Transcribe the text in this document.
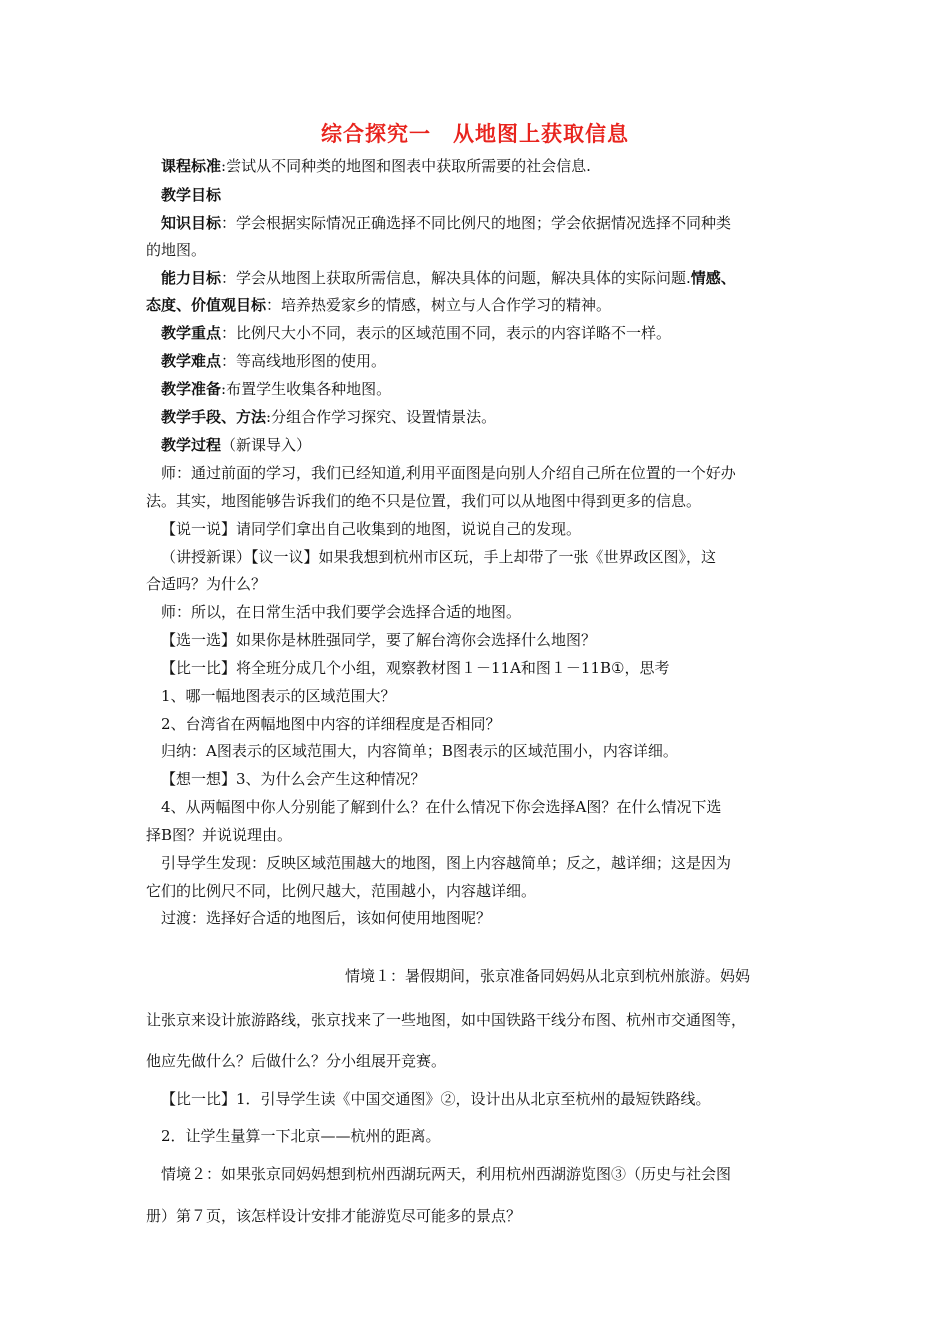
综合探究一　从地图上获取信息
课程标准:尝试从不同种类的地图和图表中获取所需要的社会信息.
教学目标
知识目标：学会根据实际情况正确选择不同比例尺的地图；学会依据情况选择不同种类
的地图。
能力目标：学会从地图上获取所需信息，解决具体的问题，解决具体的实际问题.情感、
态度、价值观目标：培养热爱家乡的情感，树立与人合作学习的精神。
教学重点：比例尺大小不同，表示的区域范围不同，表示的内容详略不一样。
教学难点：等高线地形图的使用。
教学准备:布置学生收集各种地图。
教学手段、方法:分组合作学习探究、设置情景法。
教学过程（新课导入）
师：通过前面的学习，我们已经知道,利用平面图是向别人介绍自己所在位置的一个好办
法。其实，地图能够告诉我们的绝不只是位置，我们可以从地图中得到更多的信息。
【说一说】请同学们拿出自己收集到的地图，说说自己的发现。
（讲授新课）【议一议】如果我想到杭州市区玩，手上却带了一张《世界政区图》，这
合适吗？为什么？
师：所以，在日常生活中我们要学会选择合适的地图。
【选一选】如果你是林胜强同学，要了解台湾你会选择什么地图？
【比一比】将全班分成几个小组，观察教材图１－11A和图１－11B①，思考
1、哪一幅地图表示的区域范围大？
2、台湾省在两幅地图中内容的详细程度是否相同？
归纳：A图表示的区域范围大，内容简单；B图表示的区域范围小，内容详细。
【想一想】3、为什么会产生这种情况？
4、从两幅图中你人分别能了解到什么？在什么情况下你会选择A图？在什么情况下选
择B图？并说说理由。
引导学生发现：反映区域范围越大的地图，图上内容越简单；反之，越详细；这是因为
它们的比例尺不同，比例尺越大，范围越小，内容越详细。
过渡：选择好合适的地图后，该如何使用地图呢？
情境１：暑假期间，张京准备同妈妈从北京到杭州旅游。妈妈
让张京来设计旅游路线，张京找来了一些地图，如中国铁路干线分布图、杭州市交通图等，
他应先做什么？后做什么？分小组展开竞赛。
【比一比】1．引导学生读《中国交通图》②，设计出从北京至杭州的最短铁路线。
2．让学生量算一下北京——杭州的距离。
情境２：如果张京同妈妈想到杭州西湖玩两天，利用杭州西湖游览图③（历史与社会图
册）第７页，该怎样设计安排才能游览尽可能多的景点？
